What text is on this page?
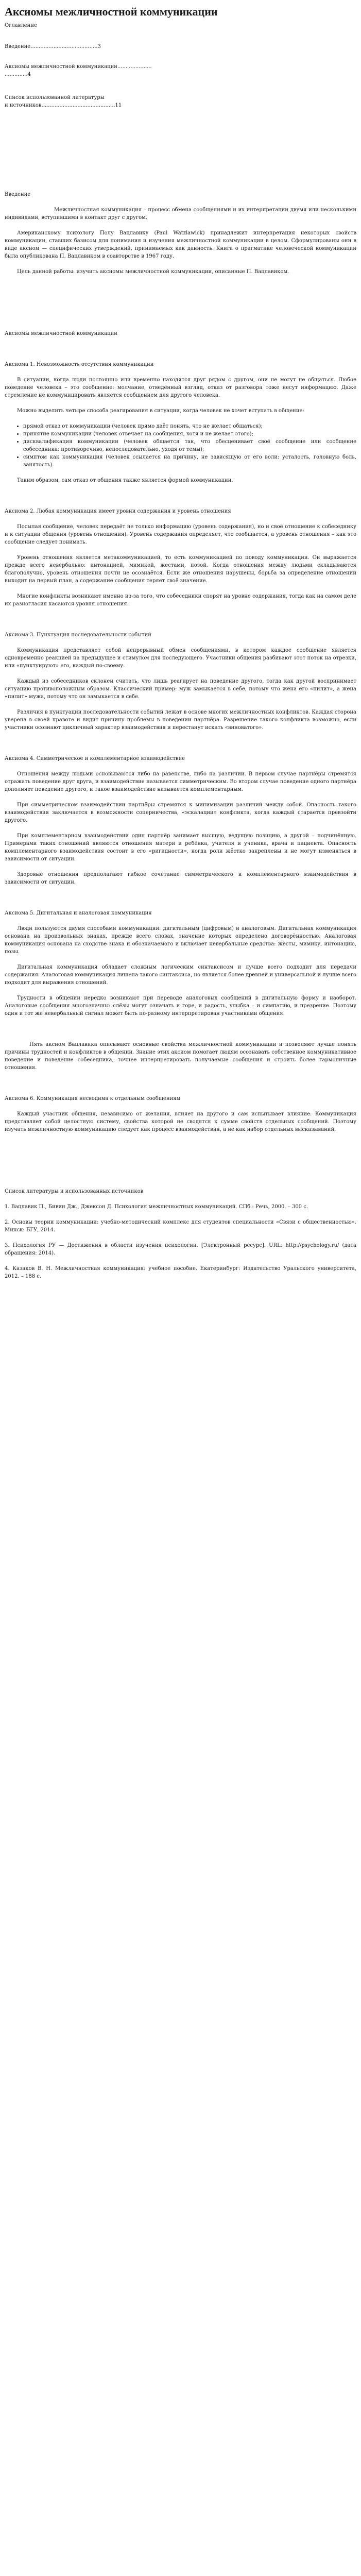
Аксиомы межличностной коммуникации

Оглавление

Введение.........................................3

Аксиомы межличностной коммуникации.....................
..............4

Список использованной литературы
и источников.............................................11

Введение

Межличностная коммуникация – процесс обмена сообщениями и их интерпретации двумя или несколькими индивидами, вступившими в контакт друг с другом.

Американскому психологу Полу Вацлавику (Paul Watzlawick) принадлежит интерпретация некоторых свойств коммуникации, ставших базисом для понимания и изучения межличностной коммуникации в целом. Сформулированы они в виде аксиом — специфических утверждений, принимаемых как данность. Книга о прагматике человеческой коммуникации была опубликована П. Вацлавиком в соавторстве в 1967 году.

Цель данной работы: изучить аксиомы межличностной коммуникации, описанные П. Вацлавиком.

Аксиомы межличностной коммуникации

Аксиома 1. Невозможность отсутствия коммуникации

В ситуации, когда люди постоянно или временно находятся друг рядом с другом, они не могут не общаться. Любое поведение человека – это сообщение: молчание, отведённый взгляд, отказ от разговора тоже несут информацию. Даже стремление не коммуницировать является сообщением для другого человека.

Можно выделить четыре способа реагирования в ситуации, когда человек не хочет вступать в общение:

• прямой отказ от коммуникации (человек прямо даёт понять, что не желает общаться);
• принятие коммуникации (человек отвечает на сообщения, хотя и не желает этого);
• дисквалификация коммуникации (человек общается так, что обесценивает своё сообщение или сообщение собеседника: противоречиво, непоследовательно, уходя от темы);
• симптом как коммуникация (человек ссылается на причину, не зависящую от его воли: усталость, головную боль, занятость).

Таким образом, сам отказ от общения также является формой коммуникации.

Аксиома 2. Любая коммуникация имеет уровни содержания и уровень отношения

Посылая сообщение, человек передаёт не только информацию (уровень содержания), но и своё отношение к собеседнику и к ситуации общения (уровень отношения). Уровень содержания определяет, что сообщается, а уровень отношения – как это сообщение следует понимать.

Уровень отношения является метакоммуникацией, то есть коммуникацией по поводу коммуникации. Он выражается прежде всего невербально: интонацией, мимикой, жестами, позой. Когда отношения между людьми складываются благополучно, уровень отношения почти не осознаётся. Если же отношения нарушены, борьба за определение отношений выходит на первый план, а содержание сообщения теряет своё значение.

Многие конфликты возникают именно из-за того, что собеседники спорят на уровне содержания, тогда как на самом деле их разногласия касаются уровня отношения.

Аксиома 3. Пунктуация последовательности событий

Коммуникация представляет собой непрерывный обмен сообщениями, в котором каждое сообщение является одновременно реакцией на предыдущее и стимулом для последующего. Участники общения разбивают этот поток на отрезки, или «пунктуируют» его, каждый по-своему.

Каждый из собеседников склонен считать, что лишь реагирует на поведение другого, тогда как другой воспринимает ситуацию противоположным образом. Классический пример: муж замыкается в себе, потому что жена его «пилит», а жена «пилит» мужа, потому что он замыкается в себе.

Различия в пунктуации последовательности событий лежат в основе многих межличностных конфликтов. Каждая сторона уверена в своей правоте и видит причину проблемы в поведении партнёра. Разрешение такого конфликта возможно, если участники осознают цикличный характер взаимодействия и перестанут искать «виноватого».

Аксиома 4. Симметрическое и комплементарное взаимодействие

Отношения между людьми основываются либо на равенстве, либо на различии. В первом случае партнёры стремятся отражать поведение друг друга, и взаимодействие называется симметрическим. Во втором случае поведение одного партнёра дополняет поведение другого, и такое взаимодействие называется комплементарным.

При симметрическом взаимодействии партнёры стремятся к минимизации различий между собой. Опасность такого взаимодействия заключается в возможности соперничества, «эскалации» конфликта, когда каждый старается превзойти другого.

При комплементарном взаимодействии один партнёр занимает высшую, ведущую позицию, а другой – подчинённую. Примерами таких отношений являются отношения матери и ребёнка, учителя и ученика, врача и пациента. Опасность комплементарного взаимодействия состоит в его «ригидности», когда роли жёстко закреплены и не могут изменяться в зависимости от ситуации.

Здоровые отношения предполагают гибкое сочетание симметрического и комплементарного взаимодействия в зависимости от ситуации.

Аксиома 5. Дигитальная и аналоговая коммуникация

Люди пользуются двумя способами коммуникации: дигитальным (цифровым) и аналоговым. Дигитальная коммуникация основана на произвольных знаках, прежде всего словах, значение которых определено договорённостью. Аналоговая коммуникация основана на сходстве знака и обозначаемого и включает невербальные средства: жесты, мимику, интонацию, позы.

Дигитальная коммуникация обладает сложным логическим синтаксисом и лучше всего подходит для передачи содержания. Аналоговая коммуникация лишена такого синтаксиса, но является более древней и универсальной и лучше всего подходит для выражения отношений.

Трудности в общении нередко возникают при переводе аналоговых сообщений в дигитальную форму и наоборот. Аналоговые сообщения многозначны: слёзы могут означать и горе, и радость, улыбка – и симпатию, и презрение. Поэтому один и тот же невербальный сигнал может быть по-разному интерпретирован участниками общения.

Пять аксиом Вацлавика описывают основные свойства межличностной коммуникации и позволяют лучше понять причины трудностей и конфликтов в общении. Знание этих аксиом помогает людям осознавать собственное коммуникативное поведение и поведение собеседника, точнее интерпретировать получаемые сообщения и строить более гармоничные отношения.

Аксиома 6. Коммуникация несводима к отдельным сообщениям

Каждый участник общения, независимо от желания, влияет на другого и сам испытывает влияние. Коммуникация представляет собой целостную систему, свойства которой не сводятся к сумме свойств отдельных сообщений. Поэтому изучать межличностную коммуникацию следует как процесс взаимодействия, а не как набор отдельных высказываний.

Список литературы и использованных источников

1. Вацлавик П., Бивин Дж., Джексон Д. Психология межличностных коммуникаций. СПб.: Речь, 2000. – 300 с.

2. Основы теории коммуникации: учебно-методический комплекс для студентов специальности «Связи с общественностью». Минск: БГУ, 2014.

3. Психология РУ — Достижения в области изучения психологии. [Электронный ресурс]. URL: http://psychology.ru/ (дата обращения: 2014).

4. Казаков В. Н. Межличностная коммуникация: учебное пособие. Екатеринбург: Издательство Уральского университета, 2012. – 188 с.
